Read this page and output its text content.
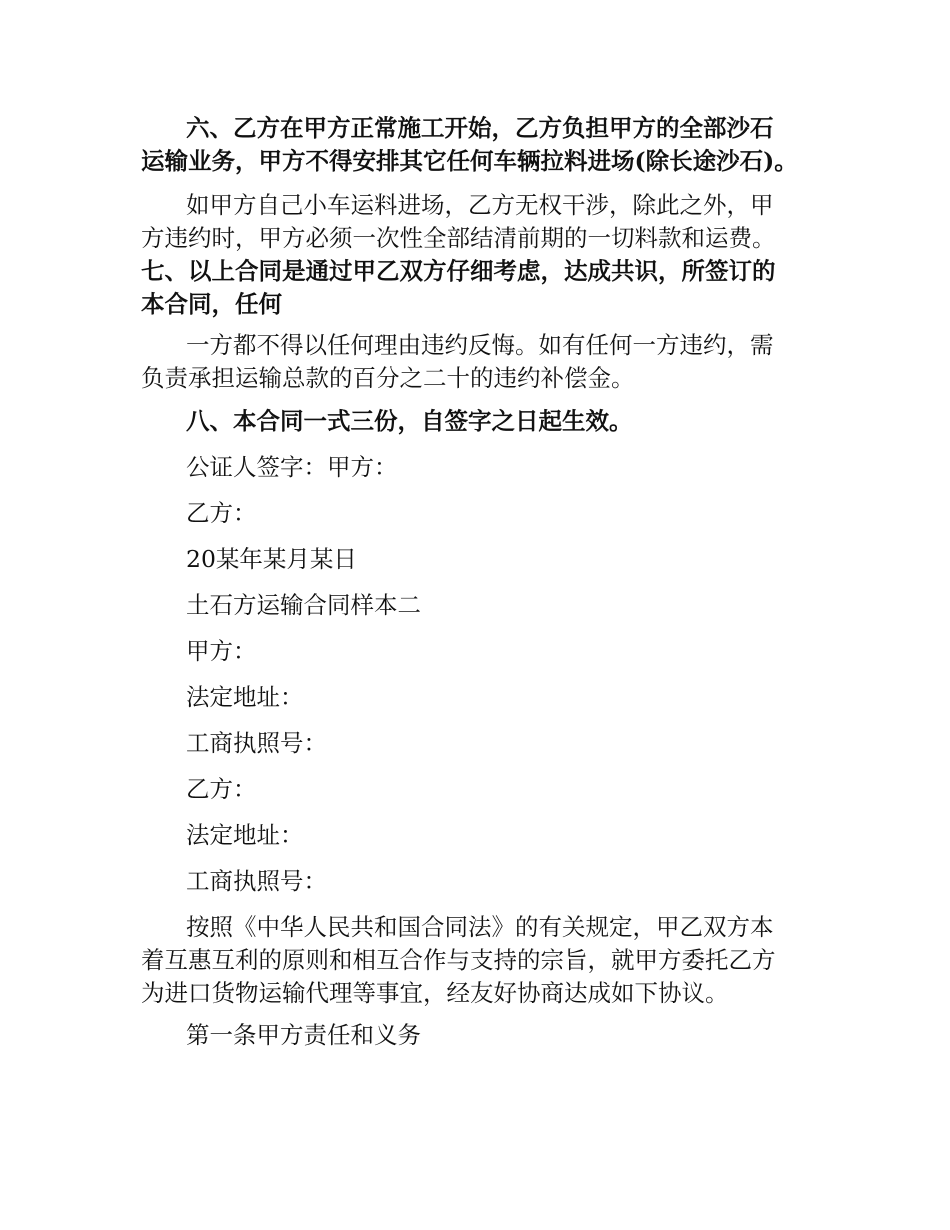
六、乙方在甲方正常施工开始，乙方负担甲方的全部沙石

运输业务，甲方不得安排其它任何车辆拉料进场(除长途沙石)。

如甲方自己小车运料进场，乙方无权干涉，除此之外，甲

方违约时，甲方必须一次性全部结清前期的一切料款和运费。

七、以上合同是通过甲乙双方仔细考虑，达成共识，所签订的

本合同，任何

一方都不得以任何理由违约反悔。如有任何一方违约，需

负责承担运输总款的百分之二十的违约补偿金。

八、本合同一式三份，自签字之日起生效。

公证人签字：甲方：

乙方：

20某年某月某日

土石方运输合同样本二

甲方：

法定地址：

工商执照号：

乙方：

法定地址：

工商执照号：

按照《中华人民共和国合同法》的有关规定，甲乙双方本

着互惠互利的原则和相互合作与支持的宗旨，就甲方委托乙方

为进口货物运输代理等事宜，经友好协商达成如下协议。

第一条甲方责任和义务
